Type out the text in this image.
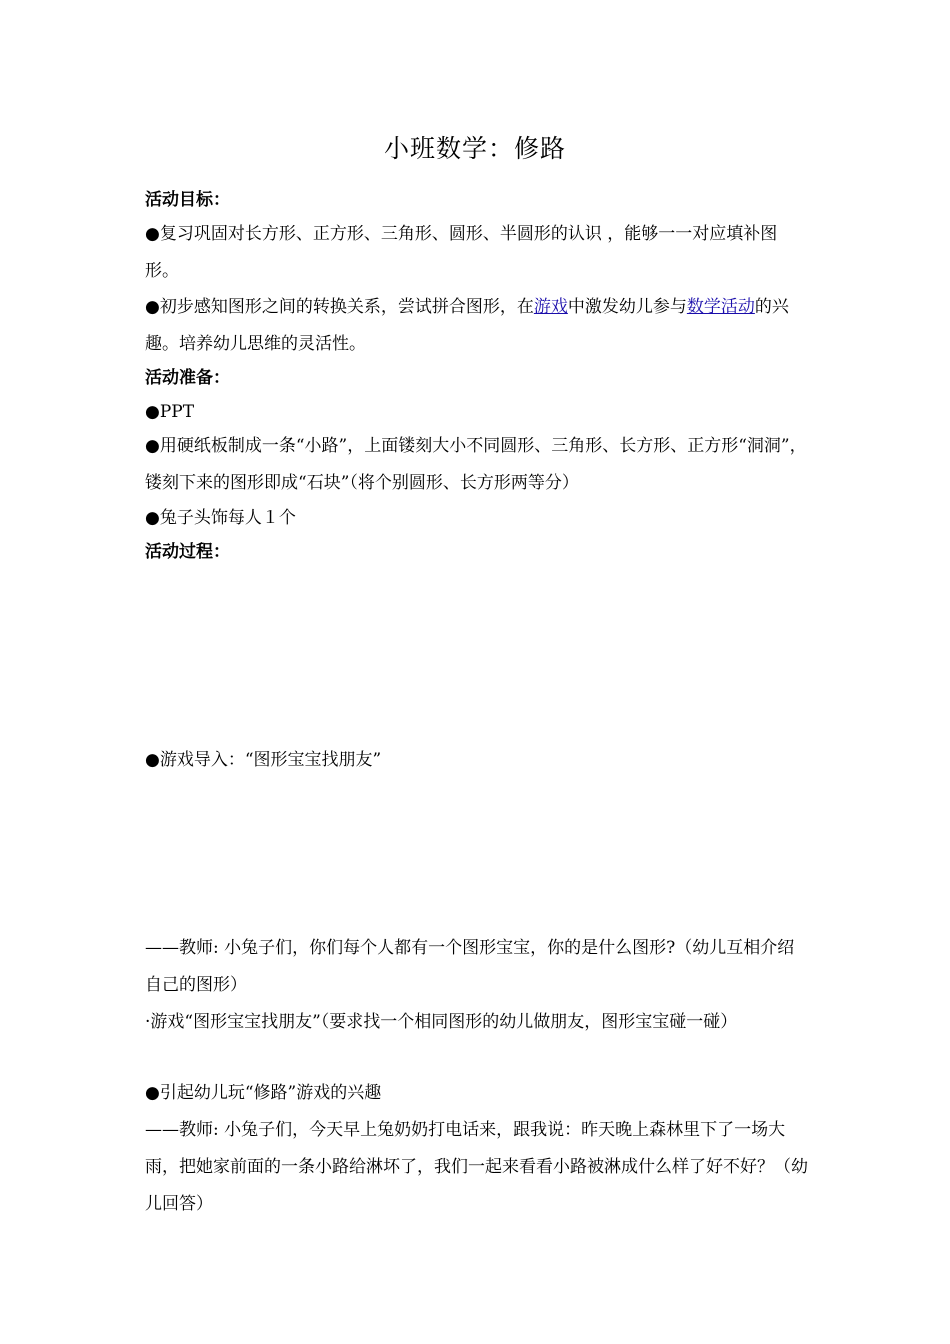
小班数学：修路
活动目标：
●复习巩固对长方形、正方形、三角形、圆形、半圆形的认识 ，能够一一对应填补图形。
●初步感知图形之间的转换关系，尝试拼合图形，在游戏中激发幼儿参与数学活动的兴趣。培养幼儿思维的灵活性。
活动准备：
●PPT
●用硬纸板制成一条“小路”，上面镂刻大小不同圆形、三角形、长方形、正方形“洞洞”， 镂刻下来的图形即成“石块”（将个别圆形、长方形两等分）
●兔子头饰每人１个
活动过程：
●游戏导入：“图形宝宝找朋友”
——教师: 小兔子们，你们每个人都有一个图形宝宝，你的是什么图形?（幼儿互相介绍自己的图形）
·游戏“图形宝宝找朋友”（要求找一个相同图形的幼儿做朋友，图形宝宝碰一碰）
●引起幼儿玩“修路”游戏的兴趣
——教师: 小兔子们，今天早上兔奶奶打电话来，跟我说：昨天晚上森林里下了一场大雨，把她家前面的一条小路给淋坏了，我们一起来看看小路被淋成什么样了好不好？（幼儿回答）
